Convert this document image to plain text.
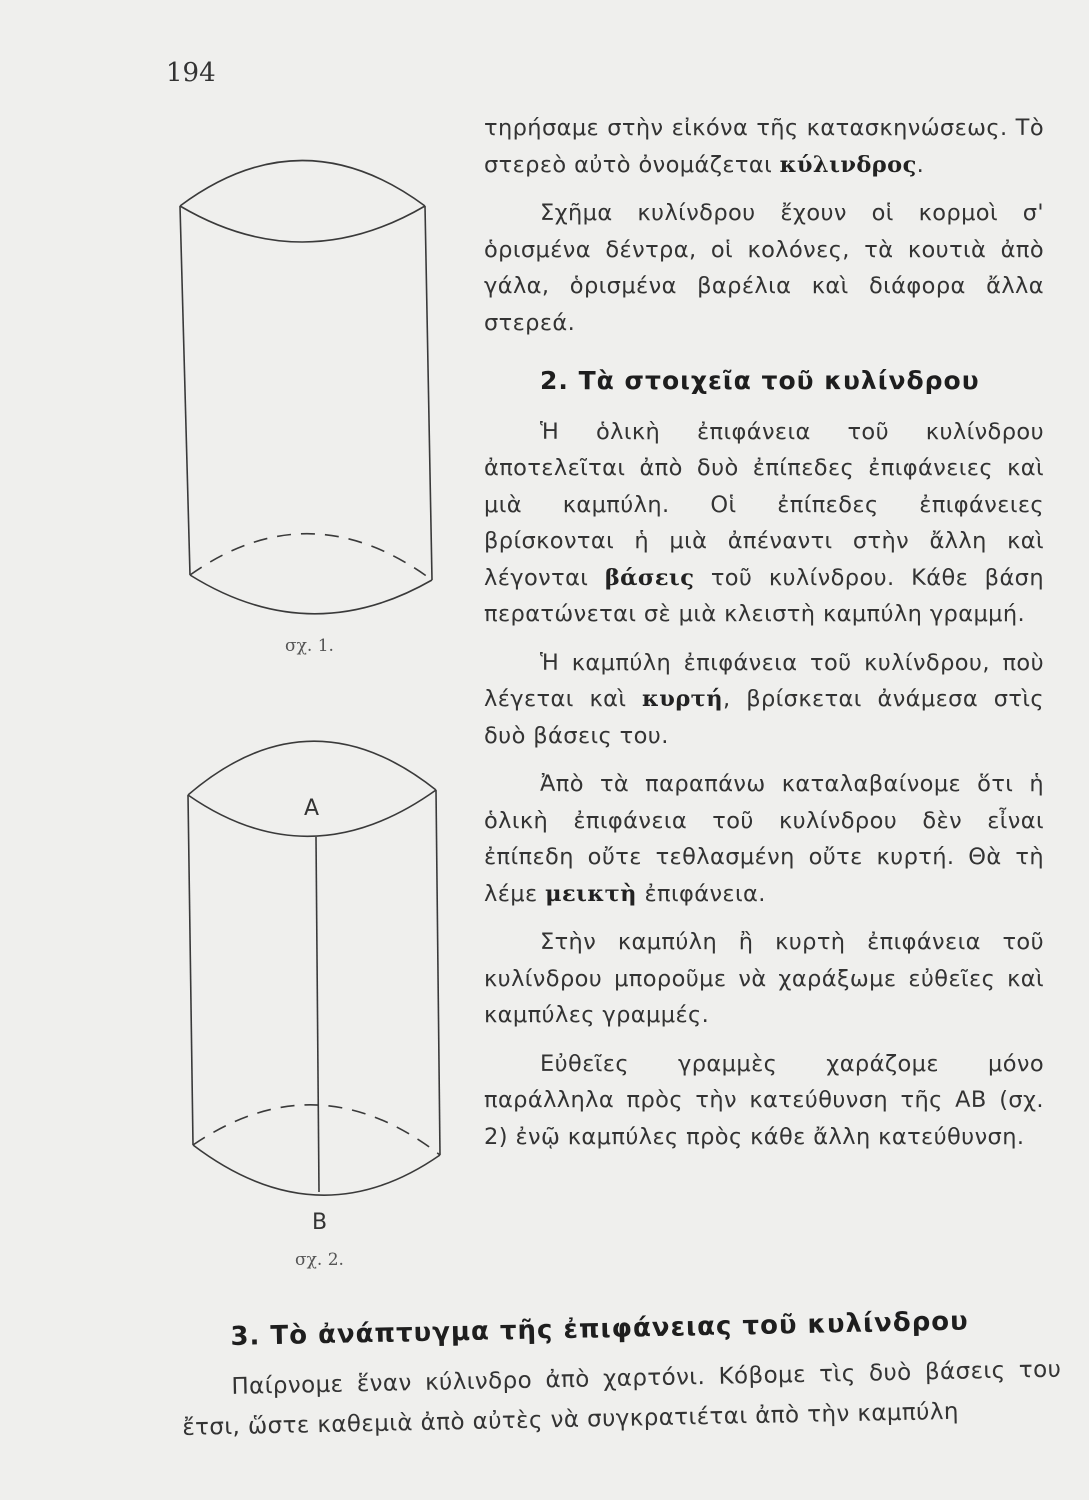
194
σχ. 1.
A
B
σχ. 2.

τηρήσαμε στὴν εἰκόνα τῆς κατασκηνώσεως. Τὸ στερεὸ αὐτὸ ὀνομάζεται κύλινδρος.

Σχῆμα κυλίνδρου ἔχουν οἱ κορμοὶ σ' ὁρισμένα δέντρα, οἱ κολόνες, τὰ κουτιὰ ἀπὸ γάλα, ὁρισμένα βαρέλια καὶ διάφορα ἄλλα στερεά.

2. Τὰ στοιχεῖα τοῦ κυλίνδρου

Ἡ ὁλικὴ ἐπιφάνεια τοῦ κυλίνδρου ἀποτελεῖται ἀπὸ δυὸ ἐπίπεδες ἐπιφάνειες καὶ μιὰ καμπύλη. Οἱ ἐπίπεδες ἐπιφάνειες βρίσκονται ἡ μιὰ ἀπέναντι στὴν ἄλλη καὶ λέγονται βάσεις τοῦ κυλίνδρου. Κάθε βάση περατώνεται σὲ μιὰ κλειστὴ καμπύλη γραμμή.

Ἡ καμπύλη ἐπιφάνεια τοῦ κυλίνδρου, ποὺ λέγεται καὶ κυρτή, βρίσκεται ἀνάμεσα στὶς δυὸ βάσεις του.

Ἀπὸ τὰ παραπάνω καταλαβαίνομε ὅτι ἡ ὁλικὴ ἐπιφάνεια τοῦ κυλίνδρου δὲν εἶναι ἐπίπεδη οὔτε τεθλασμένη οὔτε κυρτή. Θὰ τὴ λέμε μεικτὴ ἐπιφάνεια.

Στὴν καμπύλη ἢ κυρτὴ ἐπιφάνεια τοῦ κυλίνδρου μποροῦμε νὰ χαράξωμε εὐθεῖες καὶ καμπύλες γραμμές.

Εὐθεῖες γραμμὲς χαράζομε μόνο παράλληλα πρὸς τὴν κατεύθυνση τῆς ΑΒ (σχ. 2) ἐνῷ καμπύλες πρὸς κάθε ἄλλη κατεύθυνση.

3. Τὸ ἀνάπτυγμα τῆς ἐπιφάνειας τοῦ κυλίνδρου

Παίρνομε ἕναν κύλινδρο ἀπὸ χαρτόνι. Κόβομε τὶς δυὸ βάσεις του ἔτσι, ὥστε καθεμιὰ ἀπὸ αὐτὲς νὰ συγκρατιέται ἀπὸ τὴν καμπύλη
